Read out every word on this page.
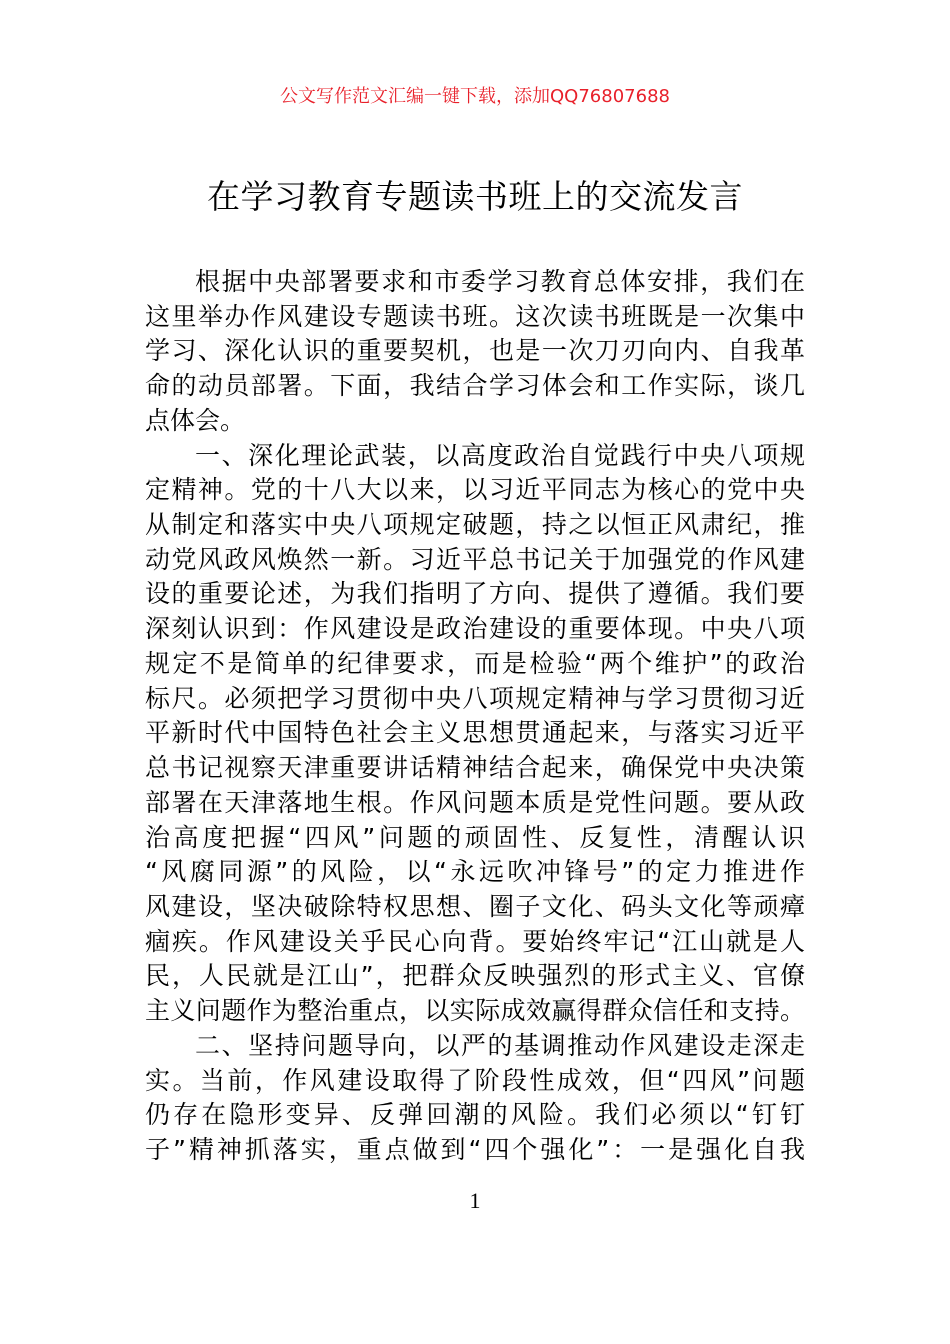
公文写作范文汇编一键下载，添加QQ76807688
在学习教育专题读书班上的交流发言
根据中央部署要求和市委学习教育总体安排，我们在
这里举办作风建设专题读书班。这次读书班既是一次集中
学习、深化认识的重要契机，也是一次刀刃向内、自我革
命的动员部署。下面，我结合学习体会和工作实际，谈几
点体会。
一、深化理论武装，以高度政治自觉践行中央八项规
定精神。党的十八大以来，以习近平同志为核心的党中央
从制定和落实中央八项规定破题，持之以恒正风肃纪，推
动党风政风焕然一新。习近平总书记关于加强党的作风建
设的重要论述，为我们指明了方向、提供了遵循。我们要
深刻认识到：作风建设是政治建设的重要体现。中央八项
规定不是简单的纪律要求，而是检验“两个维护”的政治
标尺。必须把学习贯彻中央八项规定精神与学习贯彻习近
平新时代中国特色社会主义思想贯通起来，与落实习近平
总书记视察天津重要讲话精神结合起来，确保党中央决策
部署在天津落地生根。作风问题本质是党性问题。要从政
治高度把握“四风”问题的顽固性、反复性，清醒认识
“风腐同源”的风险，以“永远吹冲锋号”的定力推进作
风建设，坚决破除特权思想、圈子文化、码头文化等顽瘴
痼疾。作风建设关乎民心向背。要始终牢记“江山就是人
民，人民就是江山”，把群众反映强烈的形式主义、官僚
主义问题作为整治重点，以实际成效赢得群众信任和支持。
二、坚持问题导向，以严的基调推动作风建设走深走
实。当前，作风建设取得了阶段性成效，但“四风”问题
仍存在隐形变异、反弹回潮的风险。我们必须以“钉钉
子”精神抓落实，重点做到“四个强化”：一是强化自我
1
